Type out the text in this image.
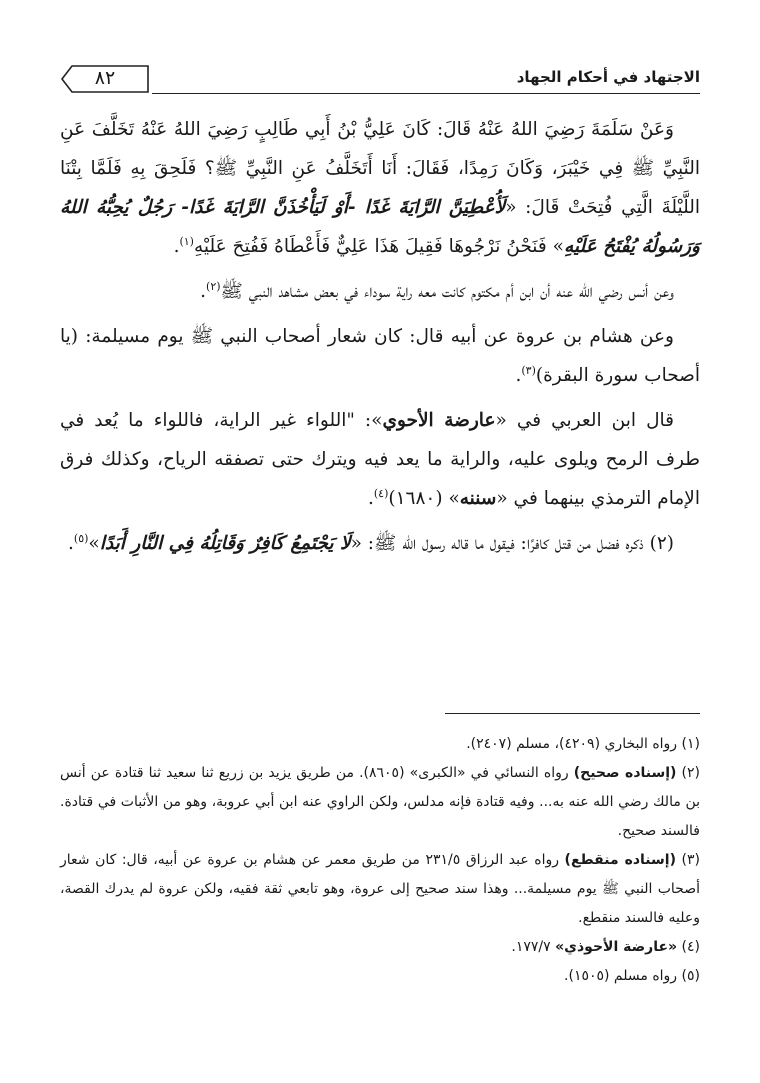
٨٢	الاجتهاد في أحكام الجهاد

وَعَنْ سَلَمَةَ رَضِيَ اللهُ عَنْهُ قَالَ: كَانَ عَلِيُّ بْنُ أَبِي طَالِبٍ رَضِيَ اللهُ عَنْهُ تَخَلَّفَ عَنِ النَّبِيِّ ﷺ فِي خَيْبَرَ، وَكَانَ رَمِدًا، فَقَالَ: أَنَا أَتَخَلَّفُ عَنِ النَّبِيِّ ﷺ؟ فَلَحِقَ بِهِ فَلَمَّا بِتْنَا اللَّيْلَةَ الَّتِي فُتِحَتْ قَالَ: «لَأُعْطِيَنَّ الرَّايَةَ غَدًا -أَوْ لَيَأْخُذَنَّ الرَّايَةَ غَدًا- رَجُلٌ يُحِبُّهُ اللهُ وَرَسُولُهُ يُفْتَحُ عَلَيْهِ» فَنَحْنُ نَرْجُوهَا فَقِيلَ هَذَا عَلِيٌّ فَأَعْطَاهُ فَفُتِحَ عَلَيْهِ$^{(١)}$.

وعن أنس رضي الله عنه أن ابن أم مكتوم كانت معه راية سوداء في بعض مشاهد النبي ﷺ$^{(٢)}$.

وعن هشام بن عروة عن أبيه قال: كان شعار أصحاب النبي ﷺ يوم مسيلمة: (يا أصحاب سورة البقرة)$^{(٣)}$.

قال ابن العربي في «عارضة الأحوي»: "اللواء غير الراية، فاللواء ما يُعد في طرف الرمح ويلوى عليه، والراية ما يعد فيه ويترك حتى تصفقه الرياح، وكذلك فرق الإمام الترمذي بينهما في «سننه» (١٦٨٠)$^{(٤)}$.

(٢) ذكره فضل من قتل كافرًا: فيقول ما قاله رسول الله ﷺ: «لَا يَجْتَمِعُ كَافِرٌ وَقَاتِلُهُ فِي النَّارِ أَبَدًا»$^{(٥)}$.

(١) رواه البخاري (٤٢٠٩)، مسلم (٢٤٠٧).
(٢) (إسناده صحيح) رواه النسائي في «الكبرى» (٨٦٠٥). من طريق يزيد بن زريع ثنا سعيد ثنا قتادة عن أنس بن مالك رضي الله عنه به... وفيه قتادة فإنه مدلس، ولكن الراوي عنه ابن أبي عروبة، وهو من الأثبات في قتادة. فالسند صحيح.
(٣) (إسناده منقطع) رواه عبد الرزاق ٢٣١/٥ من طريق معمر عن هشام بن عروة عن أبيه، قال: كان شعار أصحاب النبي ﷺ يوم مسيلمة... وهذا سند صحيح إلى عروة، وهو تابعي ثقة فقيه، ولكن عروة لم يدرك القصة، وعليه فالسند منقطع.
(٤) «عارضة الأحوذي» ١٧٧/٧.
(٥) رواه مسلم (١٥٠٥).
